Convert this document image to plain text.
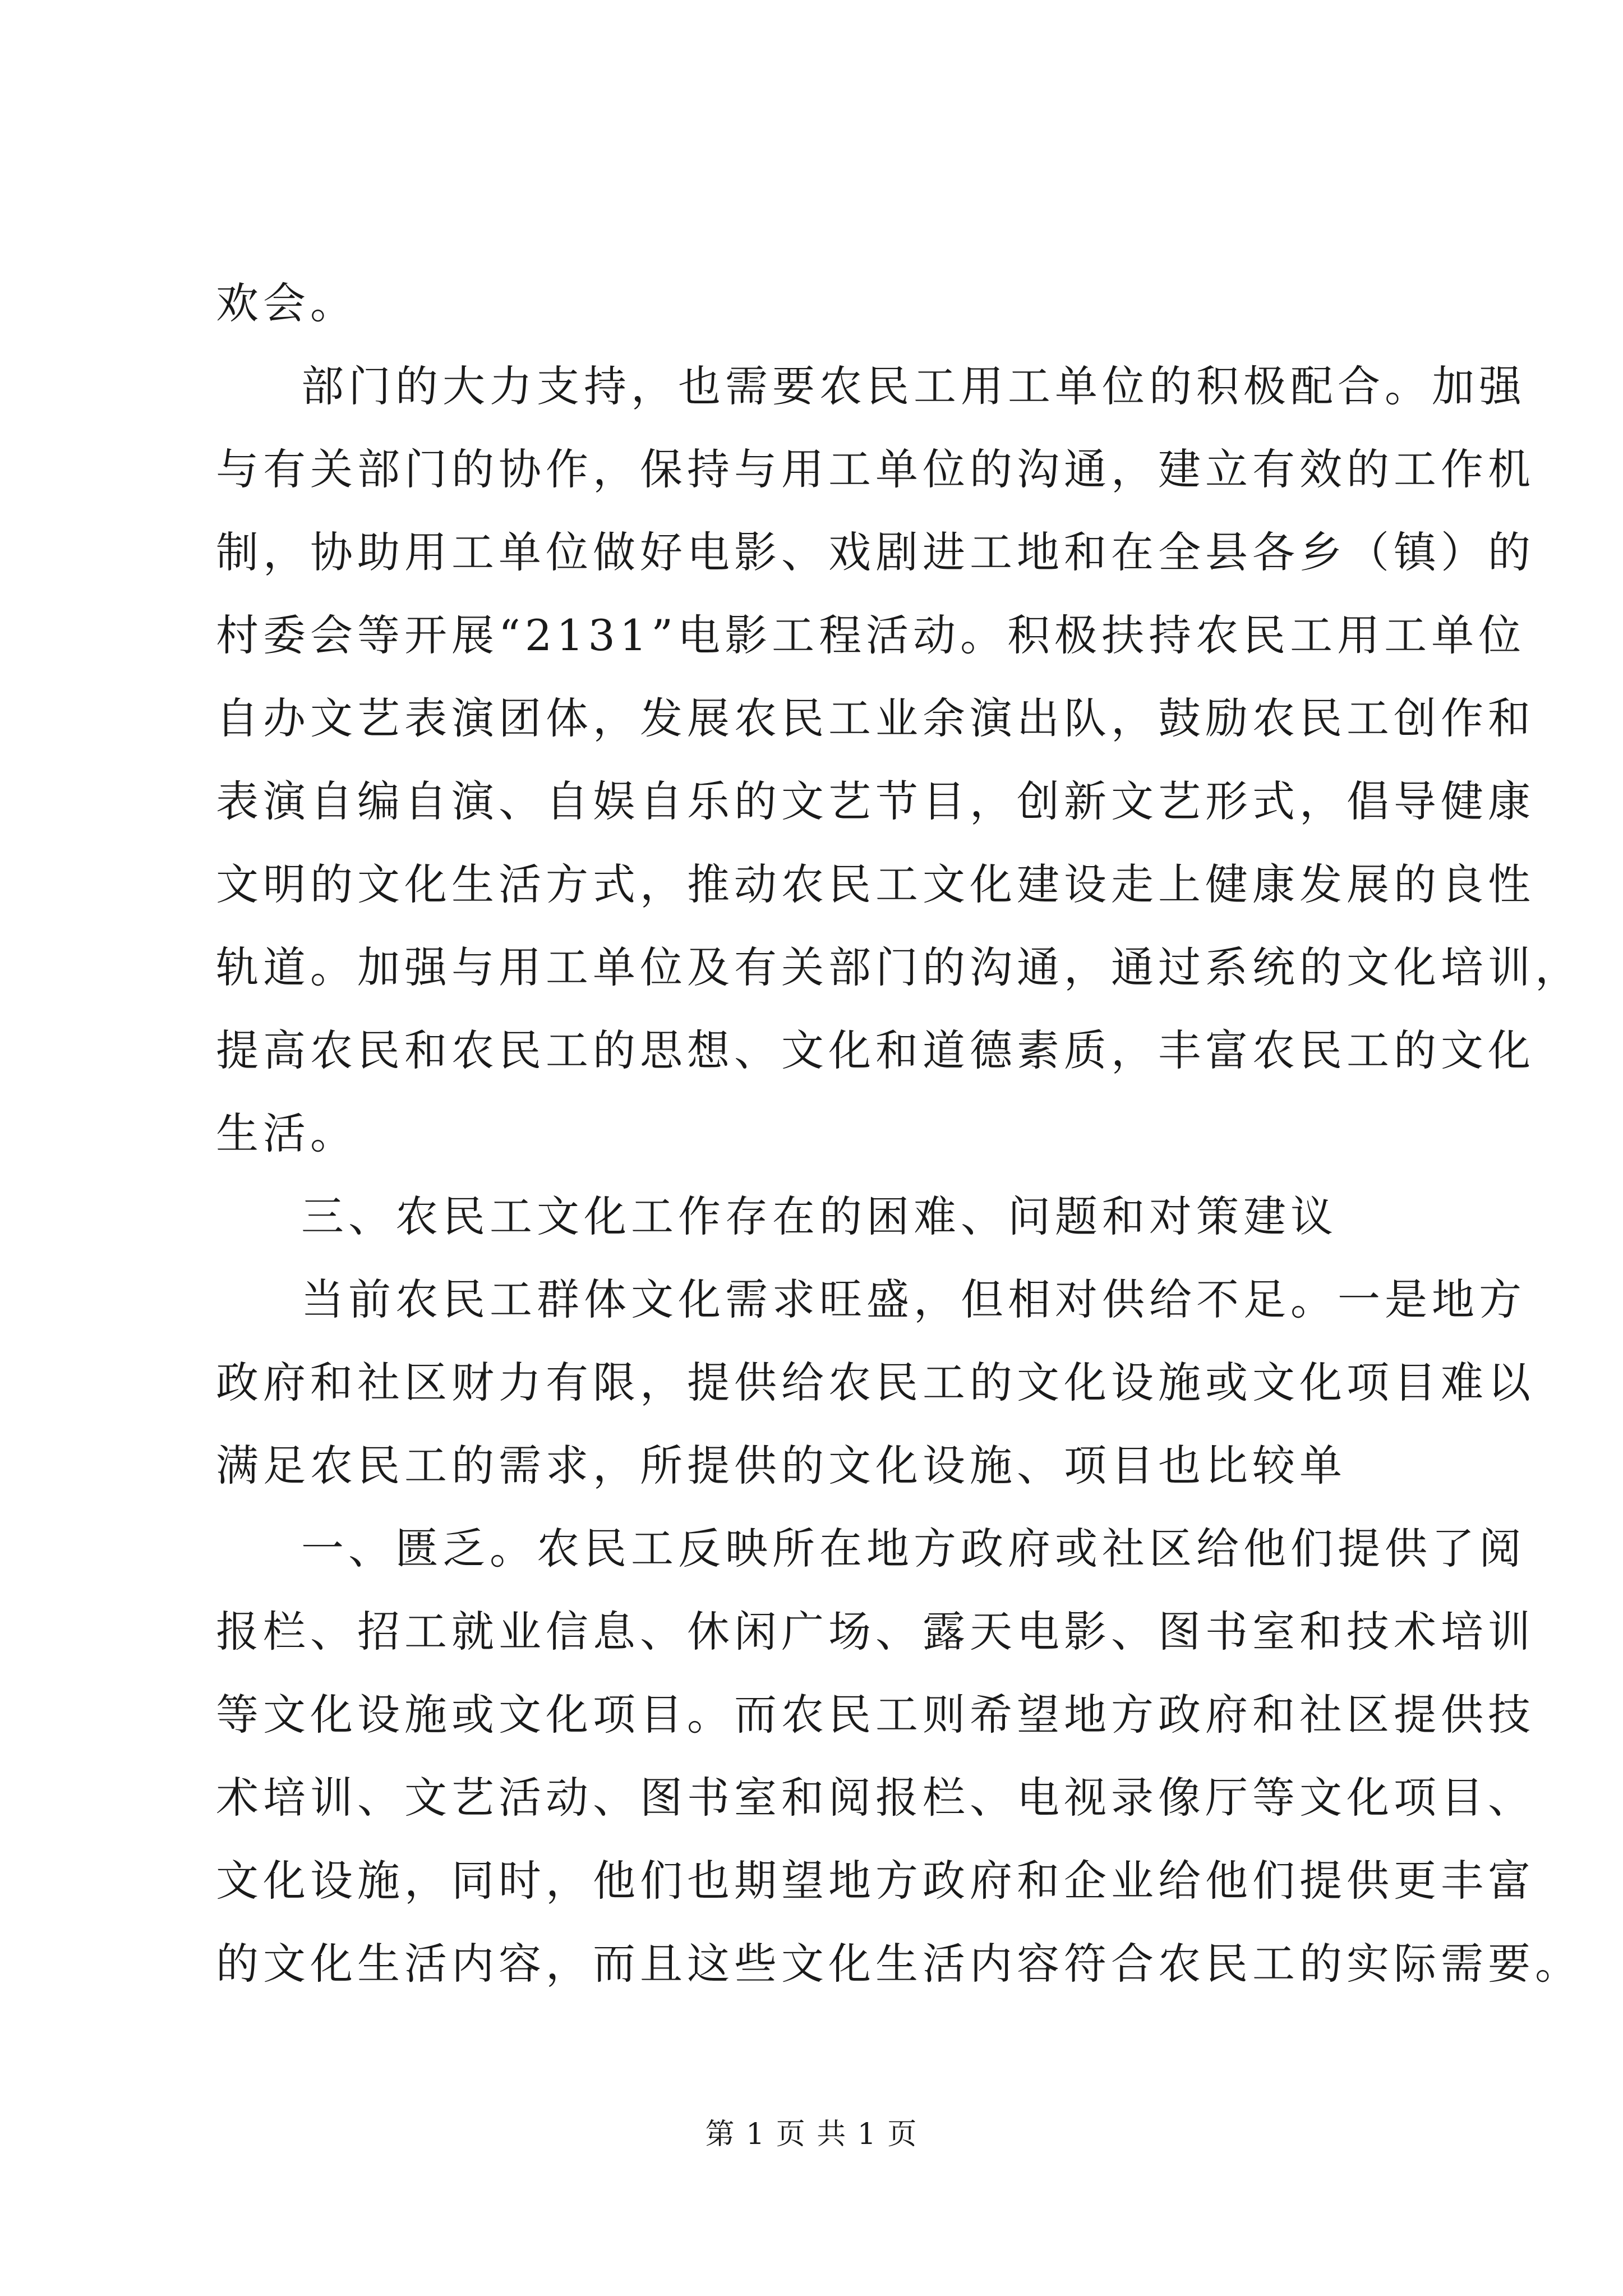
欢会。
部门的大力支持，也需要农民工用工单位的积极配合。加强
与有关部门的协作，保持与用工单位的沟通，建立有效的工作机
制，协助用工单位做好电影、戏剧进工地和在全县各乡（镇）的
村委会等开展“2131”电影工程活动。积极扶持农民工用工单位
自办文艺表演团体，发展农民工业余演出队，鼓励农民工创作和
表演自编自演、自娱自乐的文艺节目，创新文艺形式，倡导健康
文明的文化生活方式，推动农民工文化建设走上健康发展的良性
轨道。加强与用工单位及有关部门的沟通，通过系统的文化培训，
提高农民和农民工的思想、文化和道德素质，丰富农民工的文化
生活。
三、农民工文化工作存在的困难、问题和对策建议
当前农民工群体文化需求旺盛，但相对供给不足。一是地方
政府和社区财力有限，提供给农民工的文化设施或文化项目难以
满足农民工的需求，所提供的文化设施、项目也比较单
一、匮乏。农民工反映所在地方政府或社区给他们提供了阅
报栏、招工就业信息、休闲广场、露天电影、图书室和技术培训
等文化设施或文化项目。而农民工则希望地方政府和社区提供技
术培训、文艺活动、图书室和阅报栏、电视录像厅等文化项目、
文化设施，同时，他们也期望地方政府和企业给他们提供更丰富
的文化生活内容，而且这些文化生活内容符合农民工的实际需要。
第 1 页 共 1 页
